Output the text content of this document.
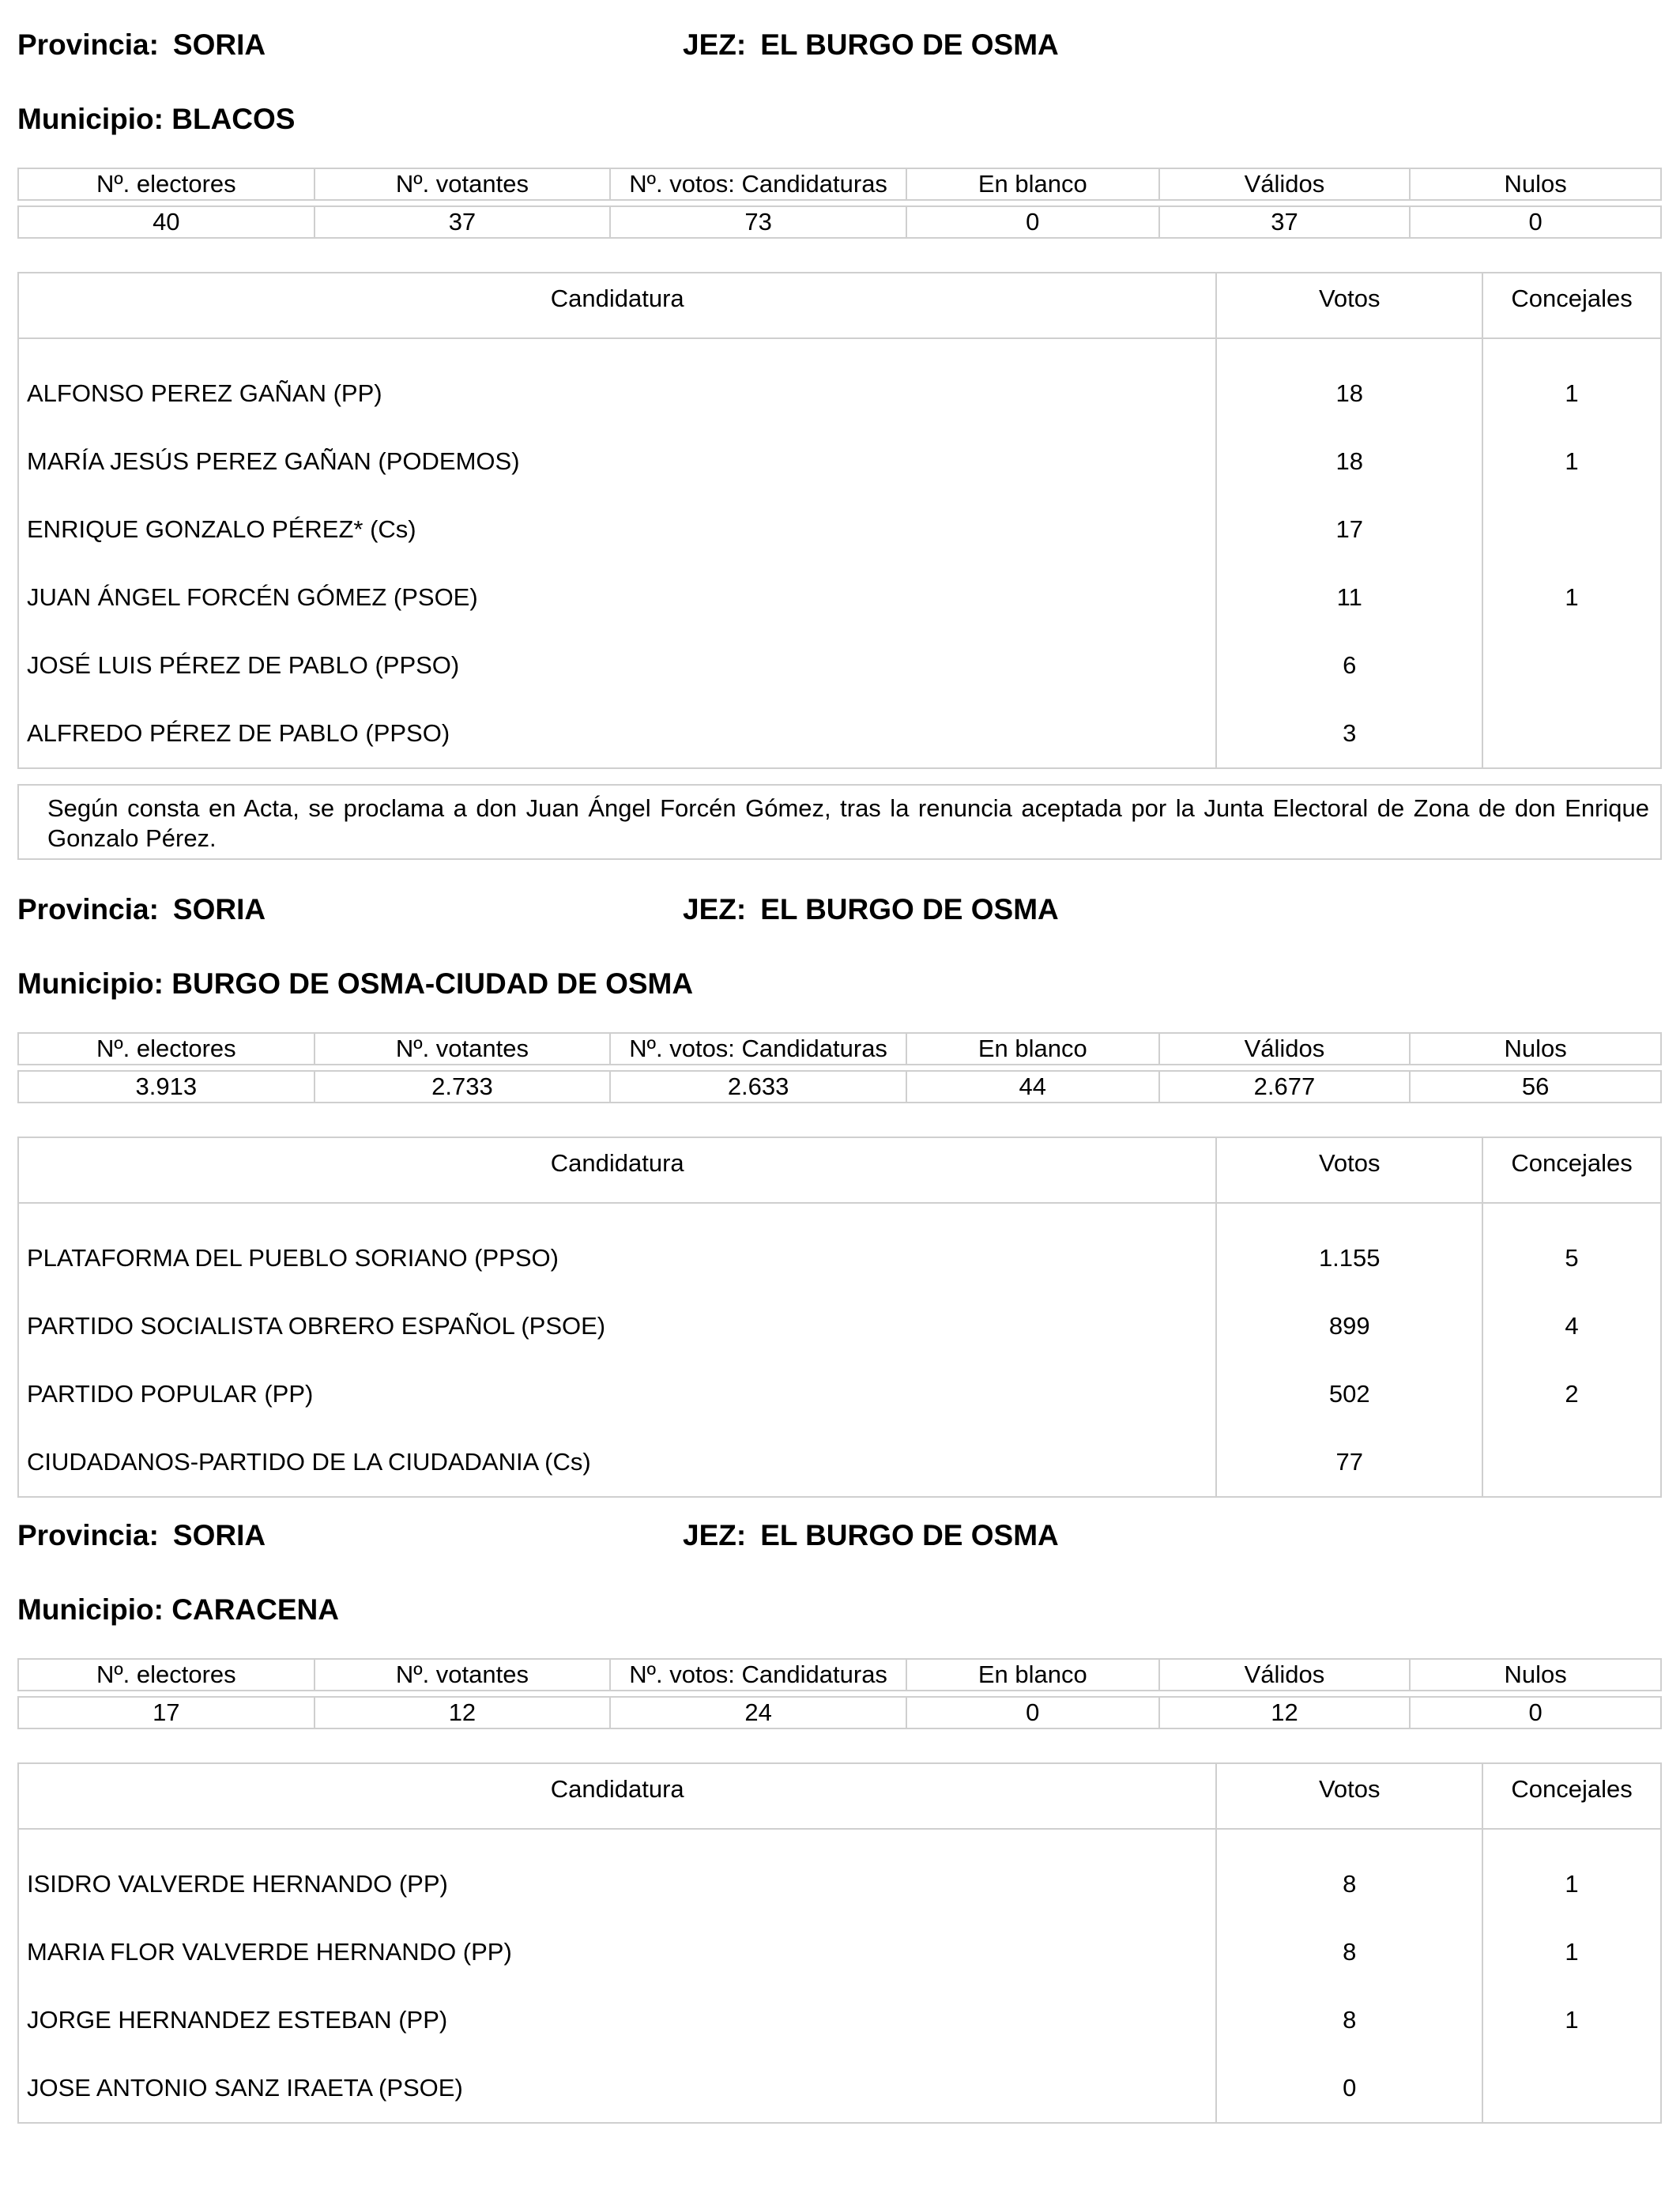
Provincia: SORIA	JEZ: EL BURGO DE OSMA
Municipio: BLACOS
Nº. electores	Nº. votantes	Nº. votos: Candidaturas	En blanco	Válidos	Nulos

40	37	73	0	37	0
Candidatura	Votos	Concejales
ALFONSO PEREZ GAÑAN (PP)	18	1
MARÍA JESÚS PEREZ GAÑAN (PODEMOS)	18	1
ENRIQUE GONZALO PÉREZ* (Cs)	17	
JUAN ÁNGEL FORCÉN GÓMEZ (PSOE)	11	1
JOSÉ LUIS PÉREZ DE PABLO (PPSO)	6	
ALFREDO PÉREZ DE PABLO (PPSO)	3	
Según consta en Acta, se proclama a don Juan Ángel Forcén Gómez, tras la renuncia aceptada por la Junta Electoral de Zona de don Enrique Gonzalo Pérez.
Provincia: SORIA	JEZ: EL BURGO DE OSMA
Municipio: BURGO DE OSMA-CIUDAD DE OSMA
Nº. electores	Nº. votantes	Nº. votos: Candidaturas	En blanco	Válidos	Nulos

3.913	2.733	2.633	44	2.677	56
Candidatura	Votos	Concejales
PLATAFORMA DEL PUEBLO SORIANO (PPSO)	1.155	5
PARTIDO SOCIALISTA OBRERO ESPAÑOL (PSOE)	899	4
PARTIDO POPULAR (PP)	502	2
CIUDADANOS-PARTIDO DE LA CIUDADANIA (Cs)	77	
Provincia: SORIA	JEZ: EL BURGO DE OSMA
Municipio: CARACENA
Nº. electores	Nº. votantes	Nº. votos: Candidaturas	En blanco	Válidos	Nulos

17	12	24	0	12	0
Candidatura	Votos	Concejales
ISIDRO VALVERDE HERNANDO (PP)	8	1
MARIA FLOR VALVERDE HERNANDO (PP)	8	1
JORGE HERNANDEZ ESTEBAN (PP)	8	1
JOSE ANTONIO SANZ IRAETA (PSOE)	0	
